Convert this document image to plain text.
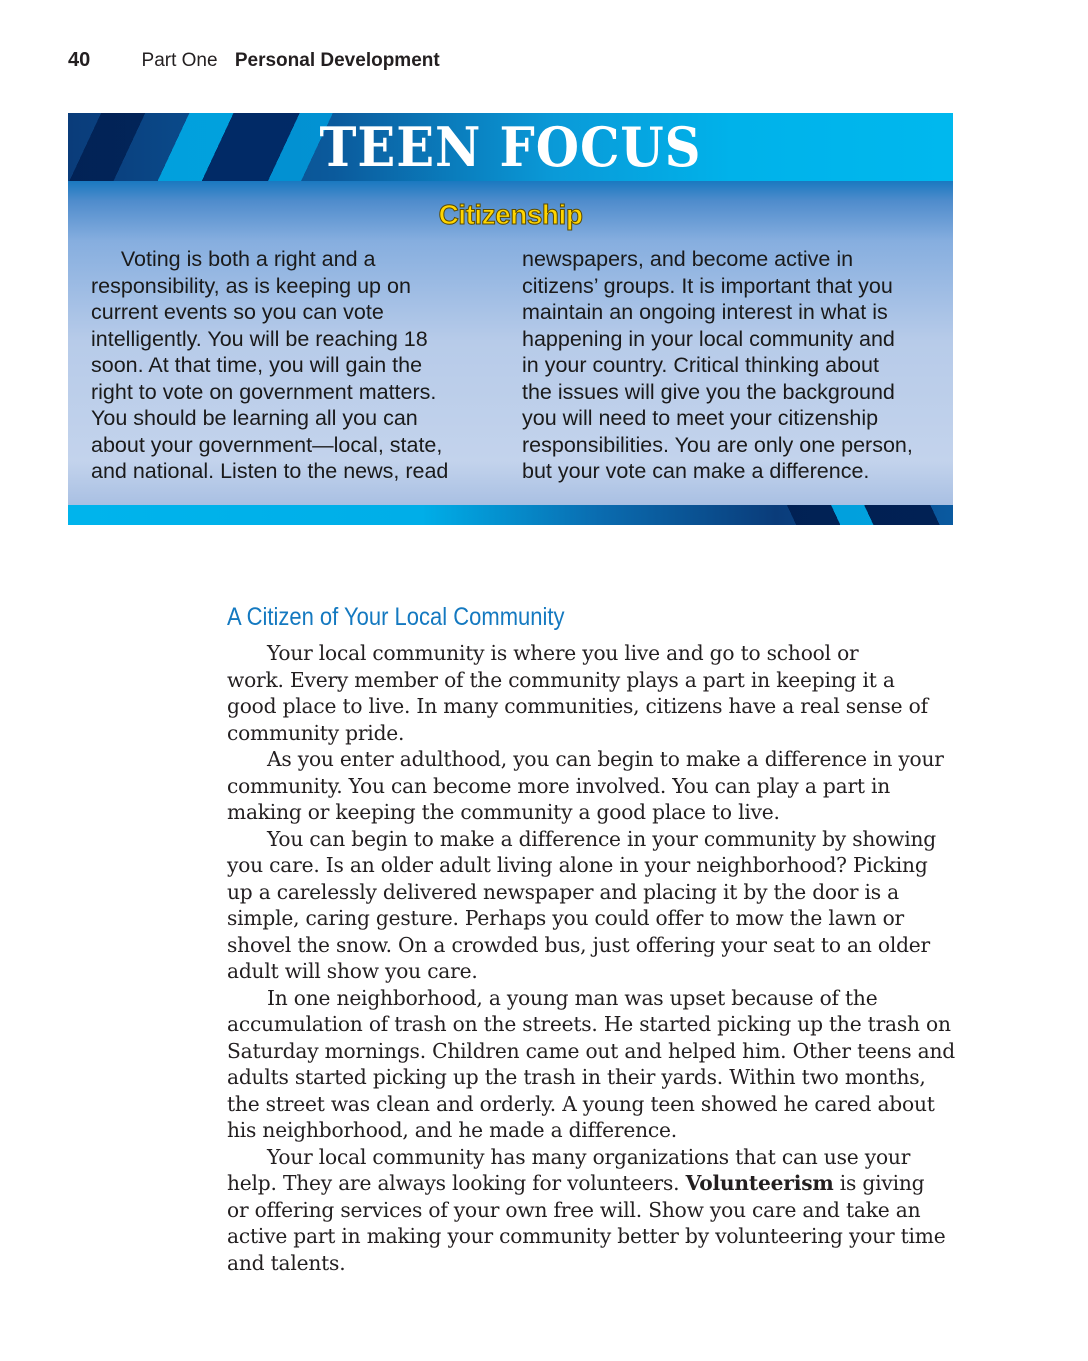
40	Part One Personal Development
TEEN FOCUS
Citizenship
Voting is both a right and a
responsibility, as is keeping up on
current events so you can vote
intelligently. You will be reaching 18
soon. At that time, you will gain the
right to vote on government matters.
You should be learning all you can
about your government—local, state,
and national. Listen to the news, read
newspapers, and become active in
citizens’ groups. It is important that you
maintain an ongoing interest in what is
happening in your local community and
in your country. Critical thinking about
the issues will give you the background
you will need to meet your citizenship
responsibilities. You are only one person,
but your vote can make a difference.
A Citizen of Your Local Community
Your local community is where you live and go to school or
work. Every member of the community plays a part in keeping it a
good place to live. In many communities, citizens have a real sense of
community pride.
As you enter adulthood, you can begin to make a difference in your
community. You can become more involved. You can play a part in
making or keeping the community a good place to live.
You can begin to make a difference in your community by showing
you care. Is an older adult living alone in your neighborhood? Picking
up a carelessly delivered newspaper and placing it by the door is a
simple, caring gesture. Perhaps you could offer to mow the lawn or
shovel the snow. On a crowded bus, just offering your seat to an older
adult will show you care.
In one neighborhood, a young man was upset because of the
accumulation of trash on the streets. He started picking up the trash on
Saturday mornings. Children came out and helped him. Other teens and
adults started picking up the trash in their yards. Within two months,
the street was clean and orderly. A young teen showed he cared about
his neighborhood, and he made a difference.
Your local community has many organizations that can use your
help. They are always looking for volunteers. Volunteerism is giving
or offering services of your own free will. Show you care and take an
active part in making your community better by volunteering your time
and talents.
